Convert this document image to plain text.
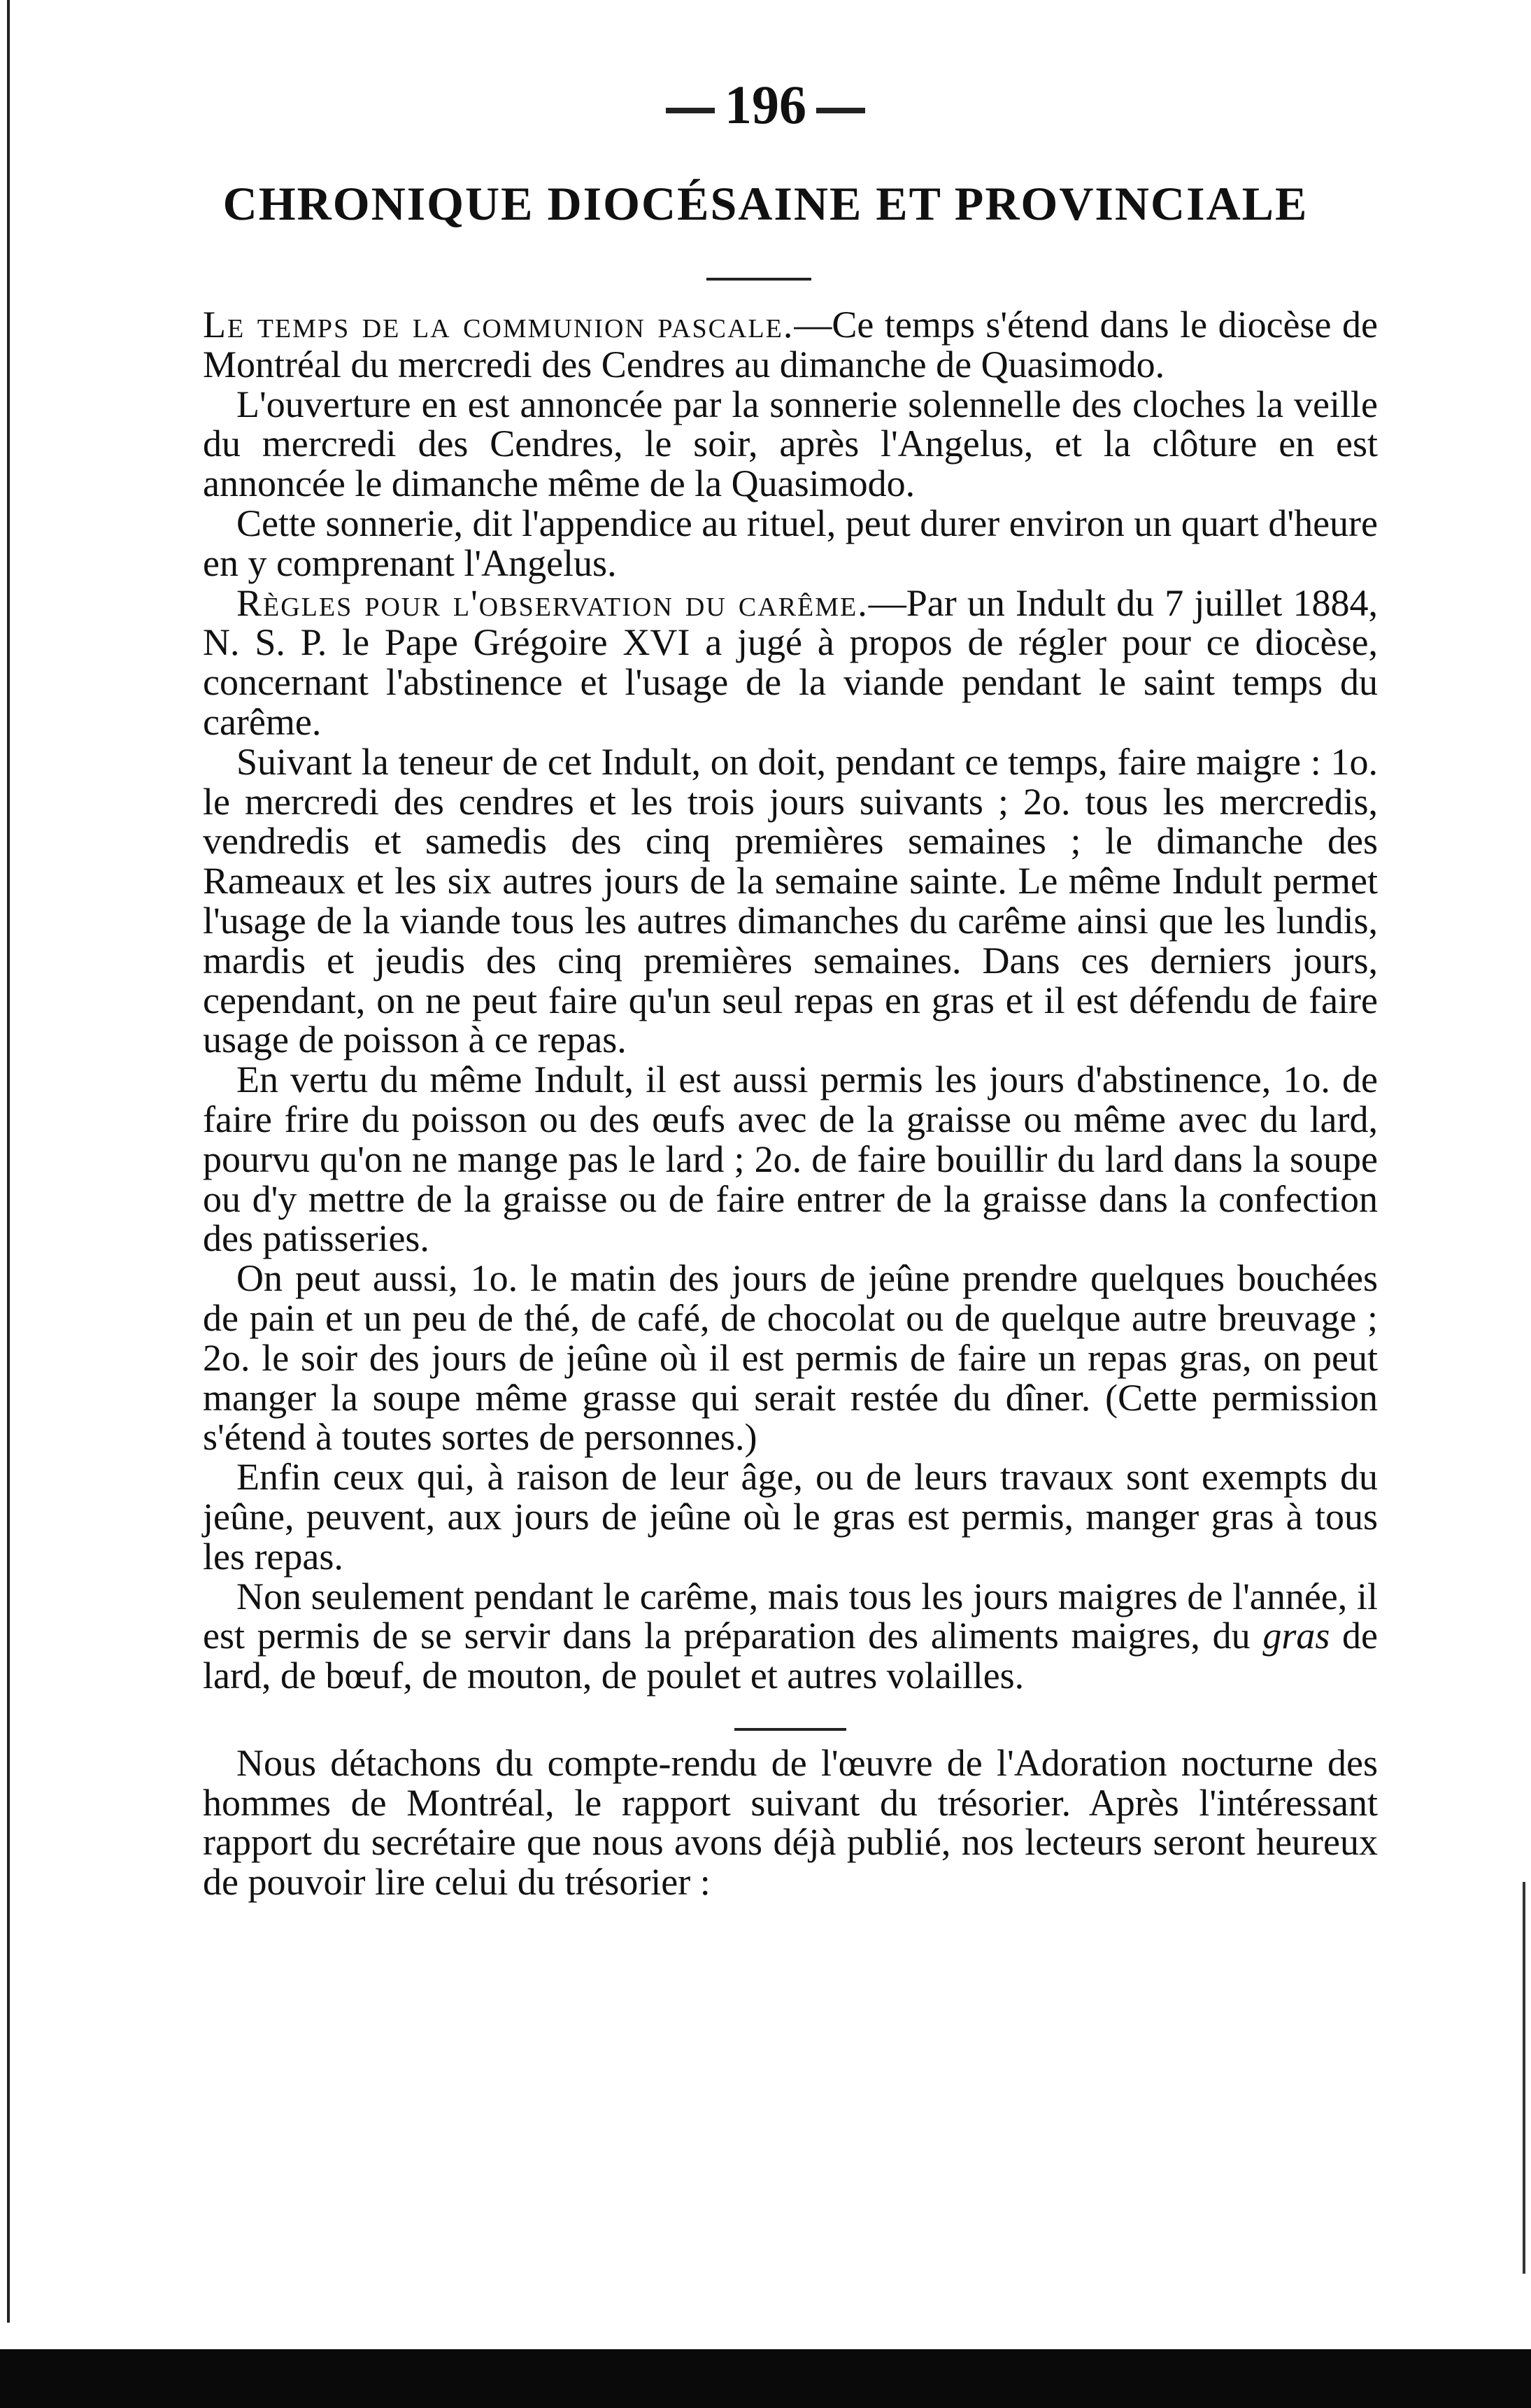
196
CHRONIQUE DIOCÉSAINE ET PROVINCIALE

Le temps de la communion pascale.—Ce temps s'étend dans le diocèse de Montréal du mercredi des Cendres au dimanche de Quasimodo.

L'ouverture en est annoncée par la sonnerie solennelle des cloches la veille du mercredi des Cendres, le soir, après l'Angelus, et la clôture en est annoncée le dimanche même de la Quasimodo.

Cette sonnerie, dit l'appendice au rituel, peut durer environ un quart d'heure en y comprenant l'Angelus.

Règles pour l'observation du carême.—Par un Indult du 7 juillet 1884, N. S. P. le Pape Grégoire XVI a jugé à propos de régler pour ce diocèse, concernant l'abstinence et l'usage de la viande pendant le saint temps du carême.

Suivant la teneur de cet Indult, on doit, pendant ce temps, faire maigre : 1o. le mercredi des cendres et les trois jours suivants ; 2o. tous les mercredis, vendredis et samedis des cinq premières semaines ; le dimanche des Rameaux et les six autres jours de la semaine sainte. Le même Indult permet l'usage de la viande tous les autres dimanches du carême ainsi que les lundis, mardis et jeudis des cinq premières semaines. Dans ces derniers jours, cependant, on ne peut faire qu'un seul repas en gras et il est défendu de faire usage de poisson à ce repas.

En vertu du même Indult, il est aussi permis les jours d'abstinence, 1o. de faire frire du poisson ou des œufs avec de la graisse ou même avec du lard, pourvu qu'on ne mange pas le lard ; 2o. de faire bouillir du lard dans la soupe ou d'y mettre de la graisse ou de faire entrer de la graisse dans la confection des patisseries.

On peut aussi, 1o. le matin des jours de jeûne prendre quelques bouchées de pain et un peu de thé, de café, de chocolat ou de quelque autre breuvage ; 2o. le soir des jours de jeûne où il est permis de faire un repas gras, on peut manger la soupe même grasse qui serait restée du dîner. (Cette permission s'étend à toutes sortes de personnes.)

Enfin ceux qui, à raison de leur âge, ou de leurs travaux sont exempts du jeûne, peuvent, aux jours de jeûne où le gras est permis, manger gras à tous les repas.

Non seulement pendant le carême, mais tous les jours maigres de l'année, il est permis de se servir dans la préparation des aliments maigres, du gras de lard, de bœuf, de mouton, de poulet et autres volailles.

Nous détachons du compte-rendu de l'œuvre de l'Adoration nocturne des hommes de Montréal, le rapport suivant du trésorier. Après l'intéressant rapport du secrétaire que nous avons déjà publié, nos lecteurs seront heureux de pouvoir lire celui du trésorier :
